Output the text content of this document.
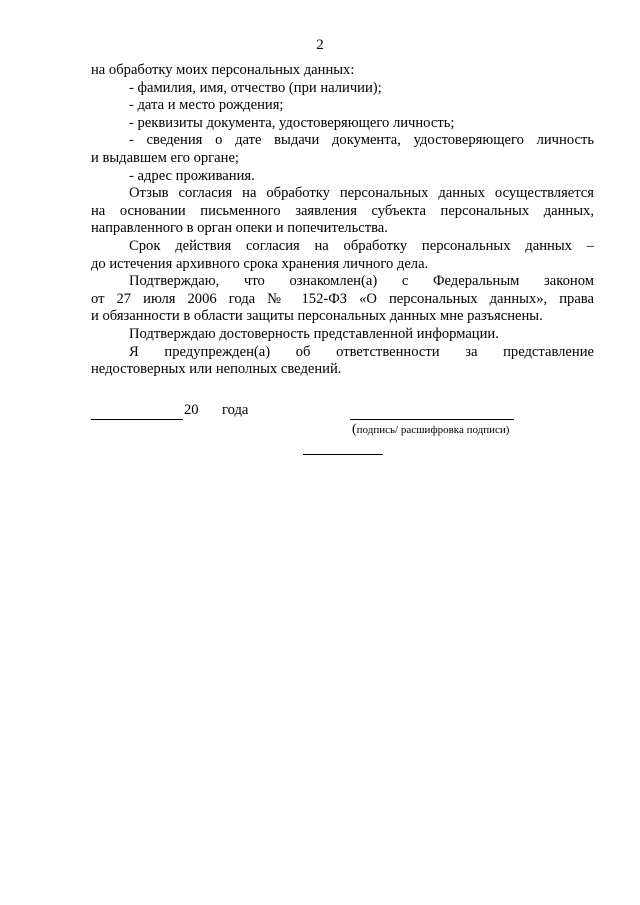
2

на обработку моих персональных данных:

- фамилия, имя, отчество (при наличии);

- дата и место рождения;

- реквизиты документа, удостоверяющего личность;

- сведения о дате выдачи документа, удостоверяющего личность

и выдавшем его органе;

- адрес проживания.

Отзыв согласия на обработку персональных данных осуществляется

на основании письменного заявления субъекта персональных данных,

направленного в орган опеки и попечительства.

Срок действия согласия на обработку персональных данных –

до истечения архивного срока хранения личного дела.

Подтверждаю, что ознакомлен(а) с Федеральным законом

от 27 июля 2006 года № 152-ФЗ «О персональных данных», права

и обязанности в области защиты персональных данных мне разъяснены.

Подтверждаю достоверность представленной информации.

Я предупрежден(а) об ответственности за представление

недостоверных или неполных сведений.

20 года
(подпись/ расшифровка подписи)
